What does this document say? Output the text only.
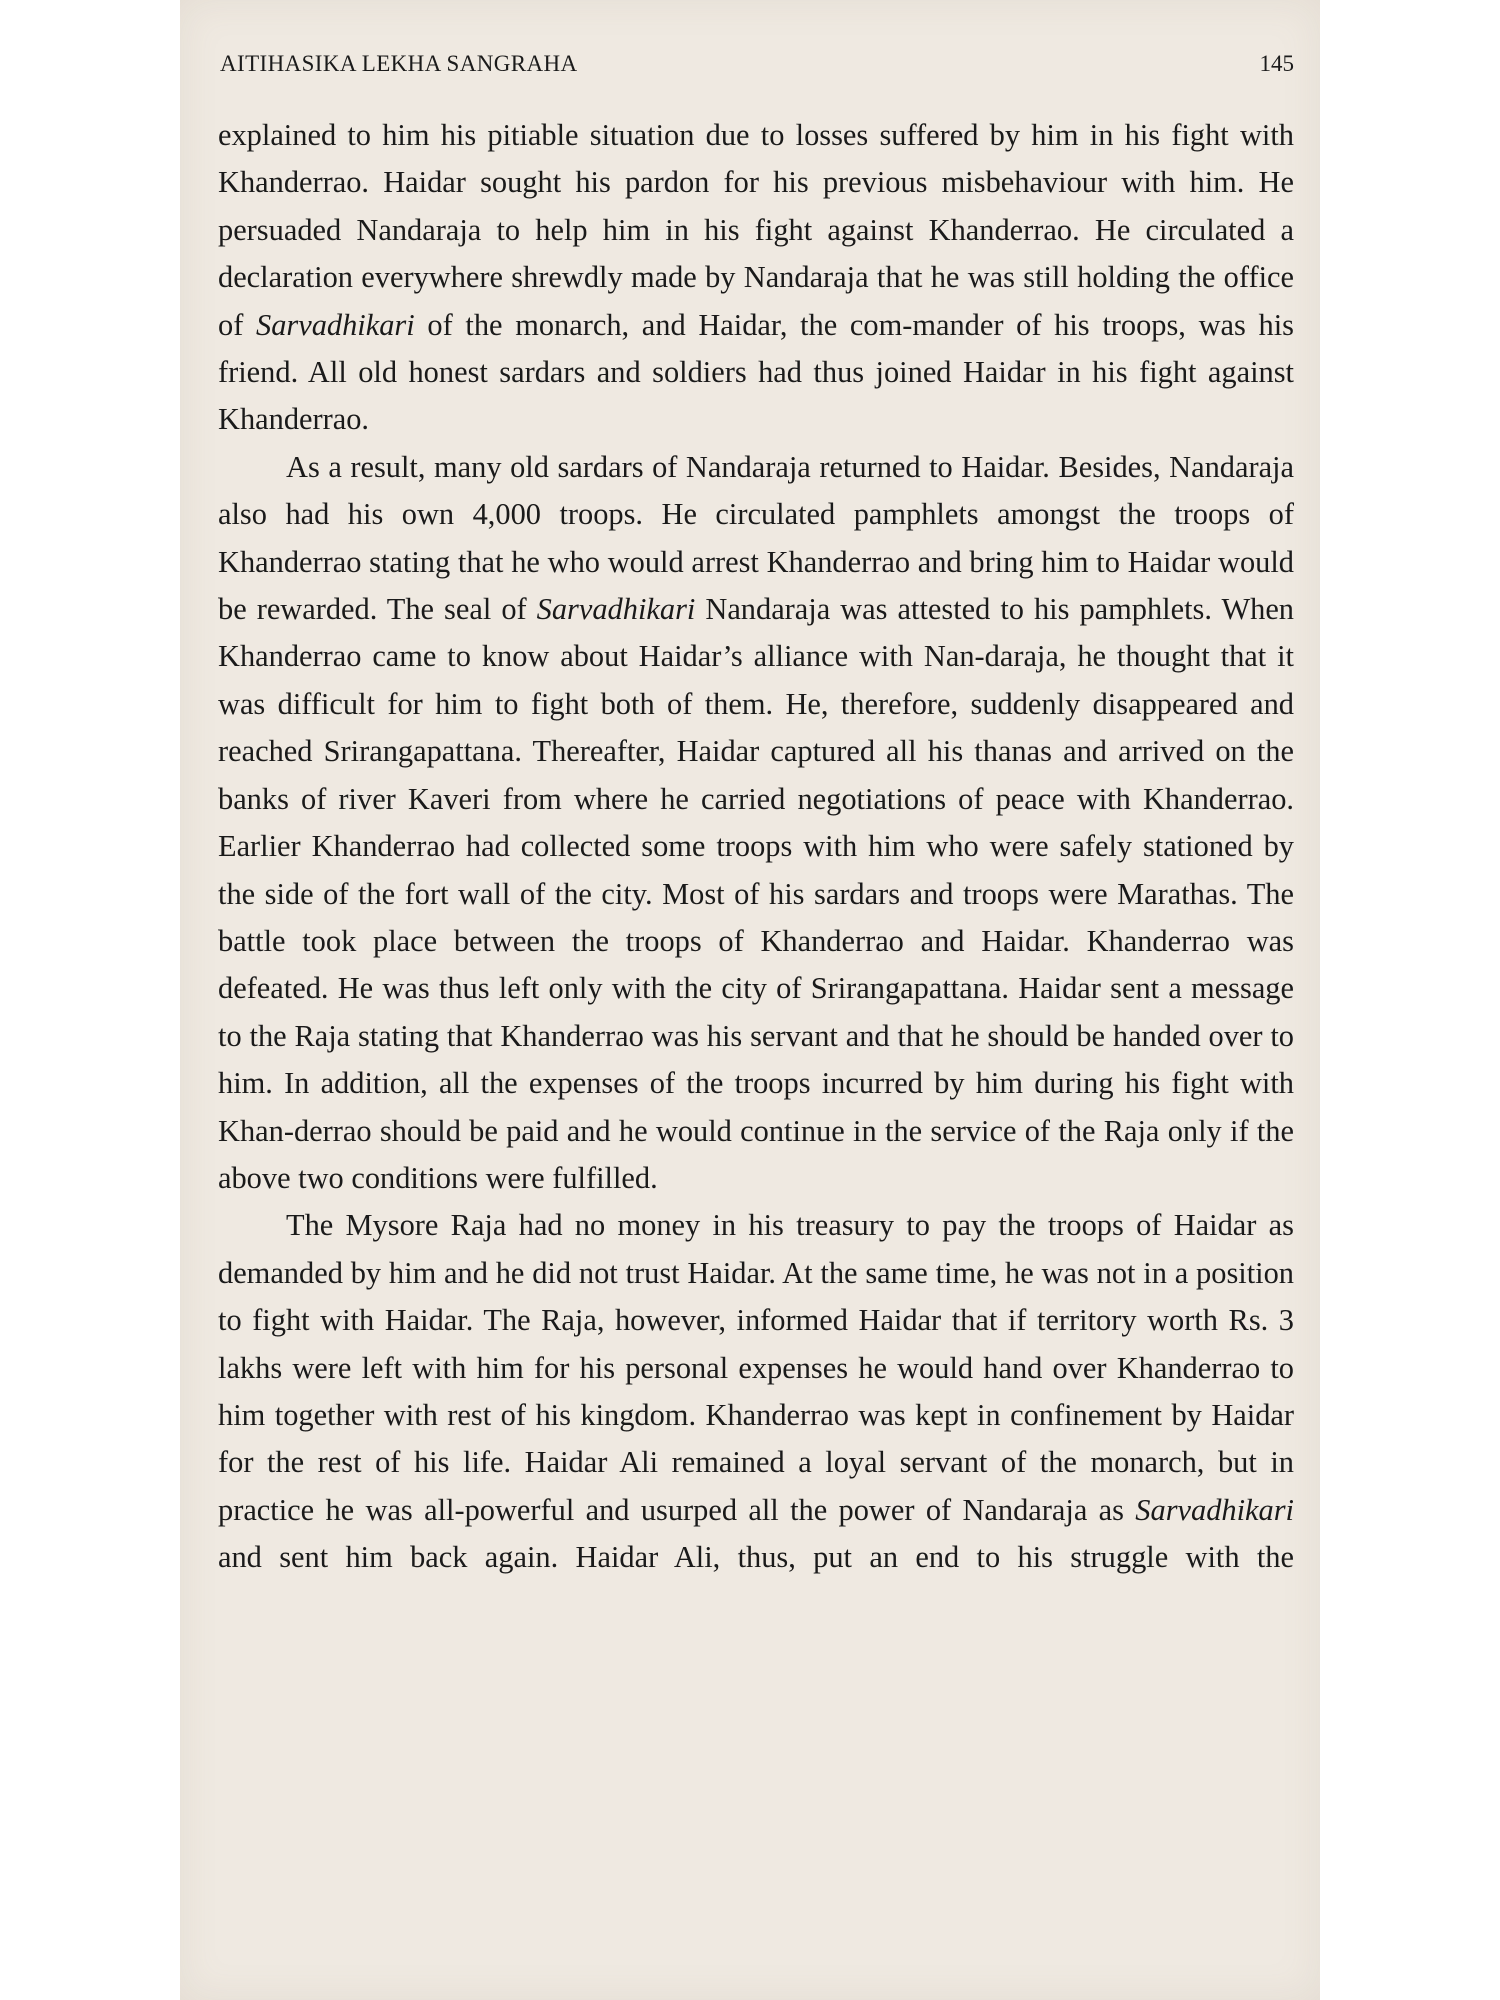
AITIHASIKA LEKHA SANGRAHA	145

explained to him his pitiable situation due to losses suffered by him in his fight with Khanderrao. Haidar sought his pardon for his previous misbehaviour with him. He persuaded Nandaraja to help him in his fight against Khanderrao. He circulated a declaration everywhere shrewdly made by Nandaraja that he was still holding the office of Sarvadhikari of the monarch, and Haidar, the com-mander of his troops, was his friend. All old honest sardars and soldiers had thus joined Haidar in his fight against Khanderrao.

As a result, many old sardars of Nandaraja returned to Haidar. Besides, Nandaraja also had his own 4,000 troops. He circulated pamphlets amongst the troops of Khanderrao stating that he who would arrest Khanderrao and bring him to Haidar would be rewarded. The seal of Sarvadhikari Nandaraja was attested to his pamphlets. When Khanderrao came to know about Haidar’s alliance with Nan-daraja, he thought that it was difficult for him to fight both of them. He, therefore, suddenly disappeared and reached Srirangapattana. Thereafter, Haidar captured all his thanas and arrived on the banks of river Kaveri from where he carried negotiations of peace with Khanderrao. Earlier Khanderrao had collected some troops with him who were safely stationed by the side of the fort wall of the city. Most of his sardars and troops were Marathas. The battle took place between the troops of Khanderrao and Haidar. Khanderrao was defeated. He was thus left only with the city of Srirangapattana. Haidar sent a message to the Raja stating that Khanderrao was his servant and that he should be handed over to him. In addition, all the expenses of the troops incurred by him during his fight with Khan-derrao should be paid and he would continue in the service of the Raja only if the above two conditions were fulfilled.

The Mysore Raja had no money in his treasury to pay the troops of Haidar as demanded by him and he did not trust Haidar. At the same time, he was not in a position to fight with Haidar. The Raja, however, informed Haidar that if territory worth Rs. 3 lakhs were left with him for his personal expenses he would hand over Khanderrao to him together with rest of his kingdom. Khanderrao was kept in confinement by Haidar for the rest of his life. Haidar Ali remained a loyal servant of the monarch, but in practice he was all-powerful and usurped all the power of Nandaraja as Sarvadhikari and sent him back again. Haidar Ali, thus, put an end to his struggle with the
